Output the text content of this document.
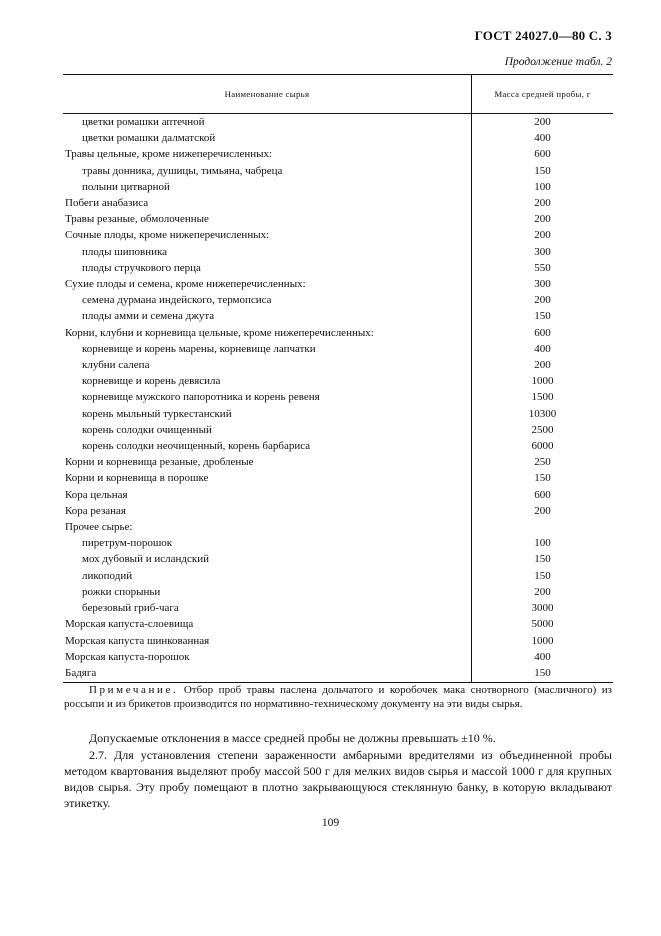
ГОСТ 24027.0—80 С. 3
Продолжение табл. 2
Наименование сырья	Масса средней пробы, г
цветки ромашки аптечной	200
цветки ромашки далматской	400
Травы цельные, кроме нижеперечисленных:	600
травы донника, душицы, тимьяна, чабреца	150
полыни цитварной	100
Побеги анабазиса	200
Травы резаные, обмолоченные	200
Сочные плоды, кроме нижеперечисленных:	200
плоды шиповника	300
плоды стручкового перца	550
Сухие плоды и семена, кроме нижеперечисленных:	300
семена дурмана индейского, термопсиса	200
плоды амми и семена джута	150
Корни, клубни и корневища цельные, кроме нижеперечисленных:	600
корневище и корень марены, корневище лапчатки	400
клубни салепа	200
корневище и корень девясила	1000
корневище мужского папоротника и корень ревеня	1500
корень мыльный туркестанский	10300
корень солодки очищенный	2500
корень солодки неочищенный, корень барбариса	6000
Корни и корневища резаные, дробленые	250
Корни и корневища в порошке	150
Кора цельная	600
Кора резаная	200
Прочее сырье:	
пиретрум-порошок	100
мох дубовый и исландский	150
ликоподий	150
рожки спорыньи	200
березовый гриб-чага	3000
Морская капуста-слоевища	5000
Морская капуста шинкованная	1000
Морская капуста-порошок	400
Бадяга	150
Примечание. Отбор проб травы паслена дольчатого и коробочек мака снотворного (масличного) из россыпи и из брикетов производится по нормативно-техническому документу на эти виды сырья.
Допускаемые отклонения в массе средней пробы не должны превышать ±10 %.
2.7. Для установления степени зараженности амбарными вредителями из объединенной пробы методом квартования выделяют пробу массой 500 г для мелких видов сырья и массой 1000 г для крупных видов сырья. Эту пробу помещают в плотно закрывающуюся стеклянную банку, в которую вкладывают этикетку.
109
